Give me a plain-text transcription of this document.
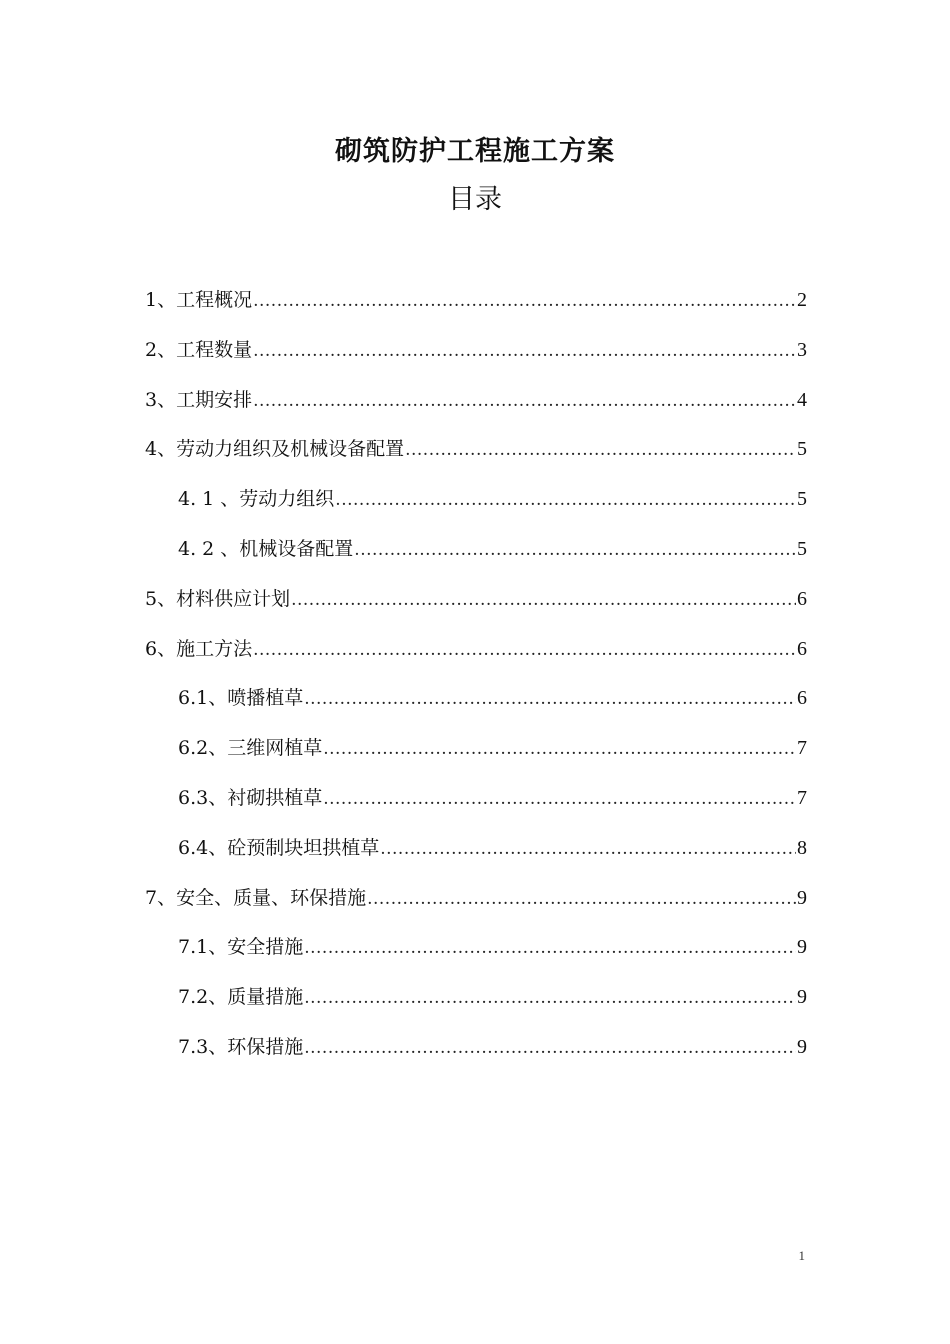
砌筑防护工程施工方案
目录
1、工程概况 .....	2
2、工程数量 .....	3
3、工期安排 .....	4
4、劳动力组织及机械设备配置 .....	5
4. 1 、劳动力组织 .....	5
4. 2 、机械设备配置 .....	5
5、材料供应计划 .....	6
6、施工方法 .....	6
6.1、喷播植草 .....	6
6.2、三维网植草 .....	7
6.3、衬砌拱植草 .....	7
6.4、砼预制块坦拱植草 .....	8
7、安全、质量、环保措施 .....	9
7.1、安全措施 .....	9
7.2、质量措施 .....	9
7.3、环保措施 .....	9
1
